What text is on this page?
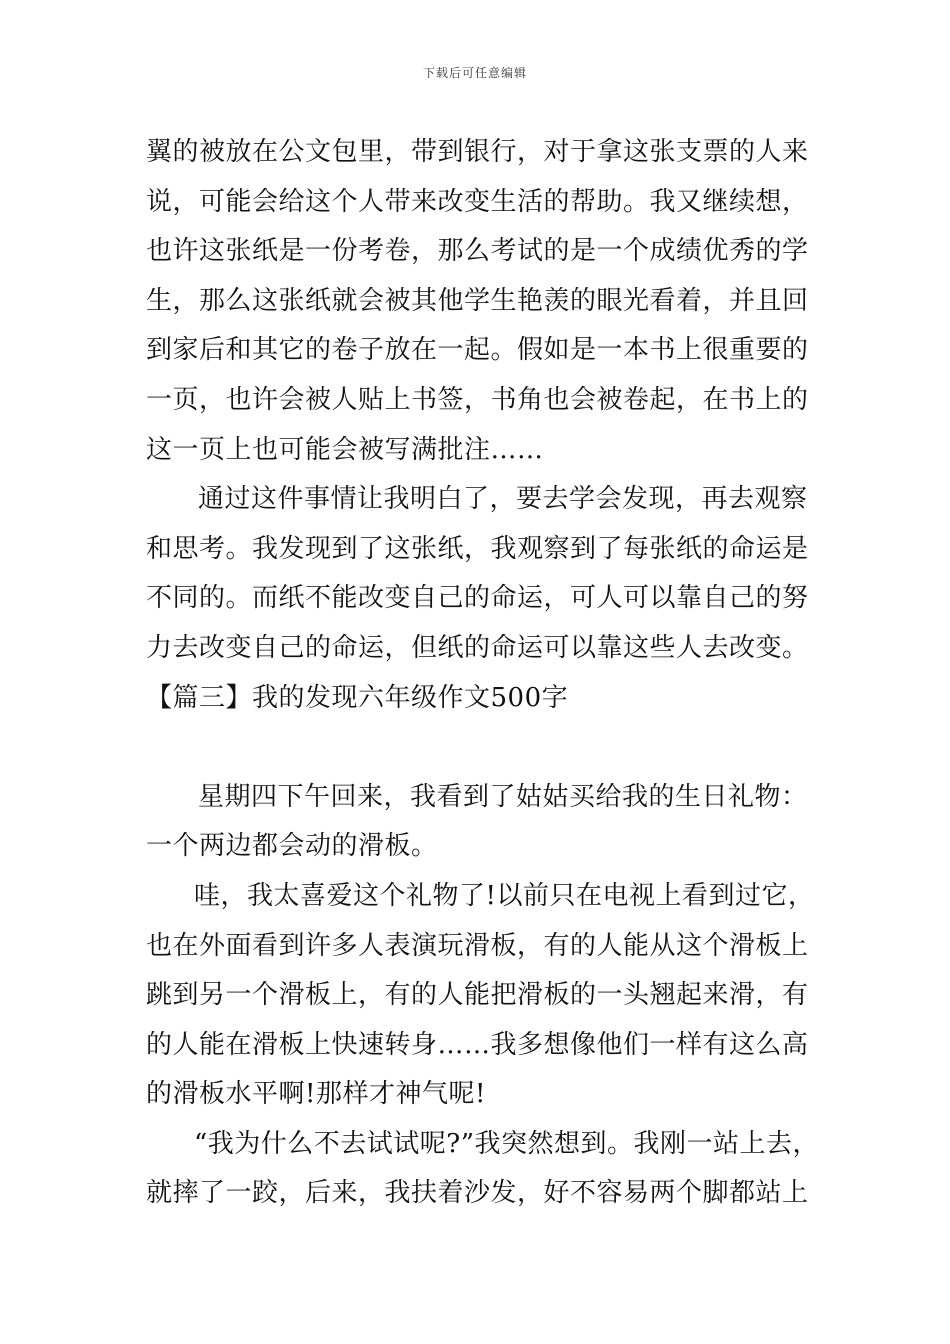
下载后可任意编辑
翼的被放在公文包里，带到银行，对于拿这张支票的人来
说，可能会给这个人带来改变生活的帮助。我又继续想，
也许这张纸是一份考卷，那么考试的是一个成绩优秀的学
生，那么这张纸就会被其他学生艳羡的眼光看着，并且回
到家后和其它的卷子放在一起。假如是一本书上很重要的
一页，也许会被人贴上书签，书角也会被卷起，在书上的
这一页上也可能会被写满批注……
通过这件事情让我明白了，要去学会发现，再去观察
和思考。我发现到了这张纸，我观察到了每张纸的命运是
不同的。而纸不能改变自己的命运，可人可以靠自己的努
力去改变自己的命运，但纸的命运可以靠这些人去改变。
【篇三】我的发现六年级作文500字
星期四下午回来，我看到了姑姑买给我的生日礼物：
一个两边都会动的滑板。
哇，我太喜爱这个礼物了!以前只在电视上看到过它，
也在外面看到许多人表演玩滑板，有的人能从这个滑板上
跳到另一个滑板上，有的人能把滑板的一头翘起来滑，有
的人能在滑板上快速转身……我多想像他们一样有这么高
的滑板水平啊!那样才神气呢!
“我为什么不去试试呢?”我突然想到。我刚一站上去，
就摔了一跤，后来，我扶着沙发，好不容易两个脚都站上
